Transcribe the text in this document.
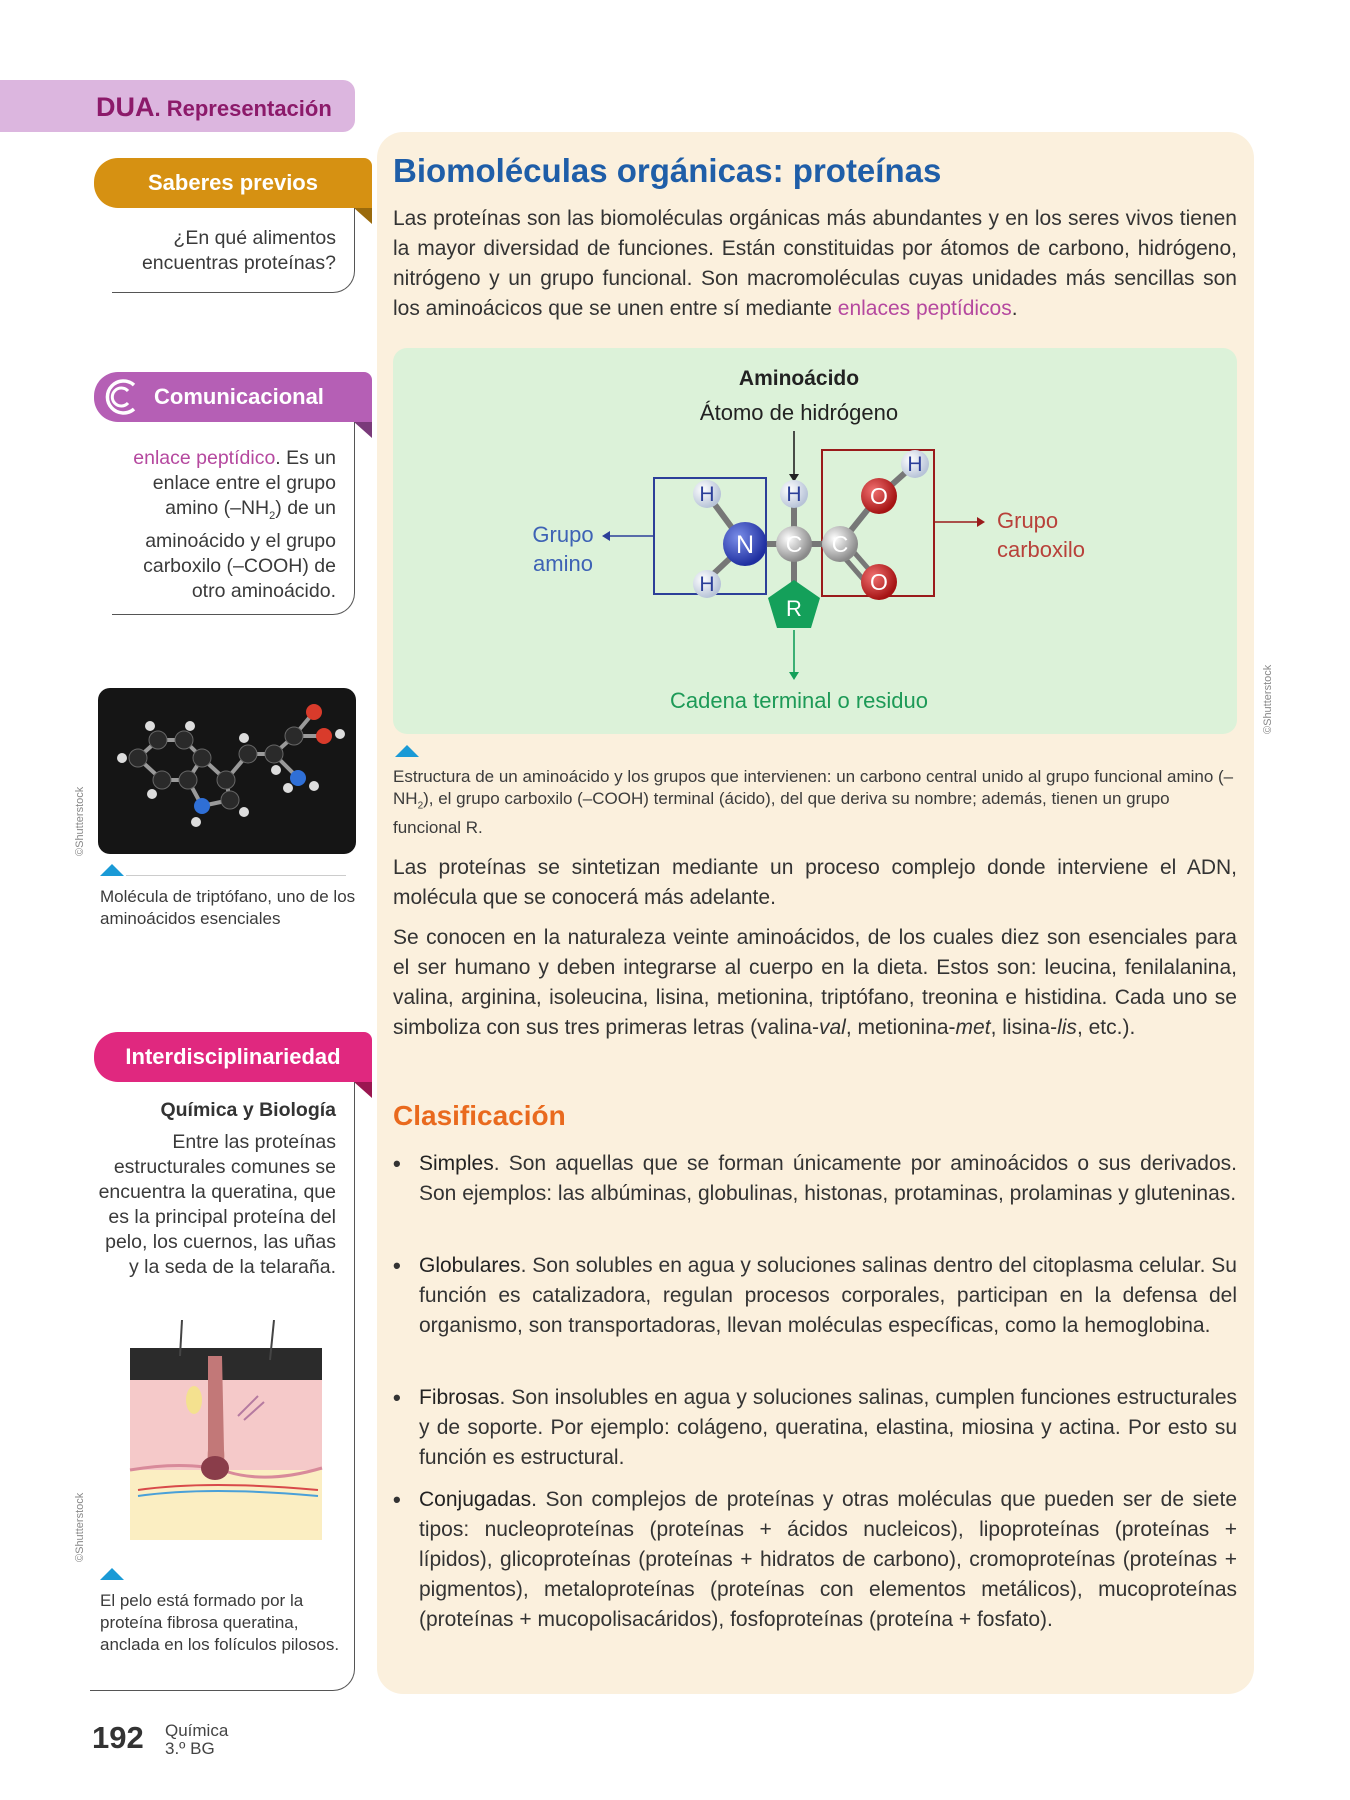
DUA. Representación
Saberes previos
¿En qué alimentos encuentras proteínas?
Comunicacional
enlace peptídico. Es un enlace entre el grupo amino $(-NH_2)$ de un aminoácido y el grupo carboxilo (–COOH) de otro aminoácido.
©Shutterstock
Molécula de triptófano, uno de los aminoácidos esenciales
Interdisciplinariedad
Química y Biología
Entre las proteínas estructurales comunes se encuentra la queratina, que es la principal proteína del pelo, los cuernos, las uñas y la seda de la telaraña.
©Shutterstock
El pelo está formado por la proteína fibrosa queratina, anclada en los folículos pilosos.
Biomoléculas orgánicas: proteínas
Las proteínas son las biomoléculas orgánicas más abundantes y en los seres vivos tienen la mayor diversidad de funciones. Están constituidas por átomos de carbono, hidrógeno, nitrógeno y un grupo funcional. Son macromoléculas cuyas unidades más sencillas son los aminoácicos que se unen entre sí mediante enlaces peptídicos.
Aminoácido
Átomo de hidrógeno
H
H
H
H
N C C
O
O
R
Grupo
amino
Grupo
carboxilo
Cadena terminal o residuo	©Shutterstock
Estructura de un aminoácido y los grupos que intervienen: un carbono central unido al grupo funcional amino $(-NH_2)$, el grupo carboxilo (–COOH) terminal (ácido), del que deriva su nombre; además, tienen un grupo funcional R.
Las proteínas se sintetizan mediante un proceso complejo donde interviene el ADN, molécula que se conocerá más adelante.
Se conocen en la naturaleza veinte aminoácidos, de los cuales diez son esenciales para el ser humano y deben integrarse al cuerpo en la dieta. Estos son: leucina, fenilalanina, valina, arginina, isoleucina, lisina, metionina, triptófano, treonina e histidina. Cada uno se simboliza con sus tres primeras letras (valina-val, metionina-met, lisina-lis, etc.).
Clasificación
• Simples. Son aquellas que se forman únicamente por aminoácidos o sus derivados. Son ejemplos: las albúminas, globulinas, histonas, protaminas, prolaminas y gluteninas.
• Globulares. Son solubles en agua y soluciones salinas dentro del citoplasma celular. Su función es catalizadora, regulan procesos corporales, participan en la defensa del organismo, son transportadoras, llevan moléculas específicas, como la hemoglobina.
• Fibrosas. Son insolubles en agua y soluciones salinas, cumplen funciones estructurales y de soporte. Por ejemplo: colágeno, queratina, elastina, miosina y actina. Por esto su función es estructural.
• Conjugadas. Son complejos de proteínas y otras moléculas que pueden ser de siete tipos: nucleoproteínas (proteínas + ácidos nucleicos), lipoproteínas (proteínas + lípidos), glicoproteínas (proteínas + hidratos de carbono), cromoproteínas (proteínas + pigmentos), metaloproteínas (proteínas con elementos metálicos), mucoproteínas (proteínas + mucopolisacáridos), fosfoproteínas (proteína + fosfato).
192 Química
3.º BG
